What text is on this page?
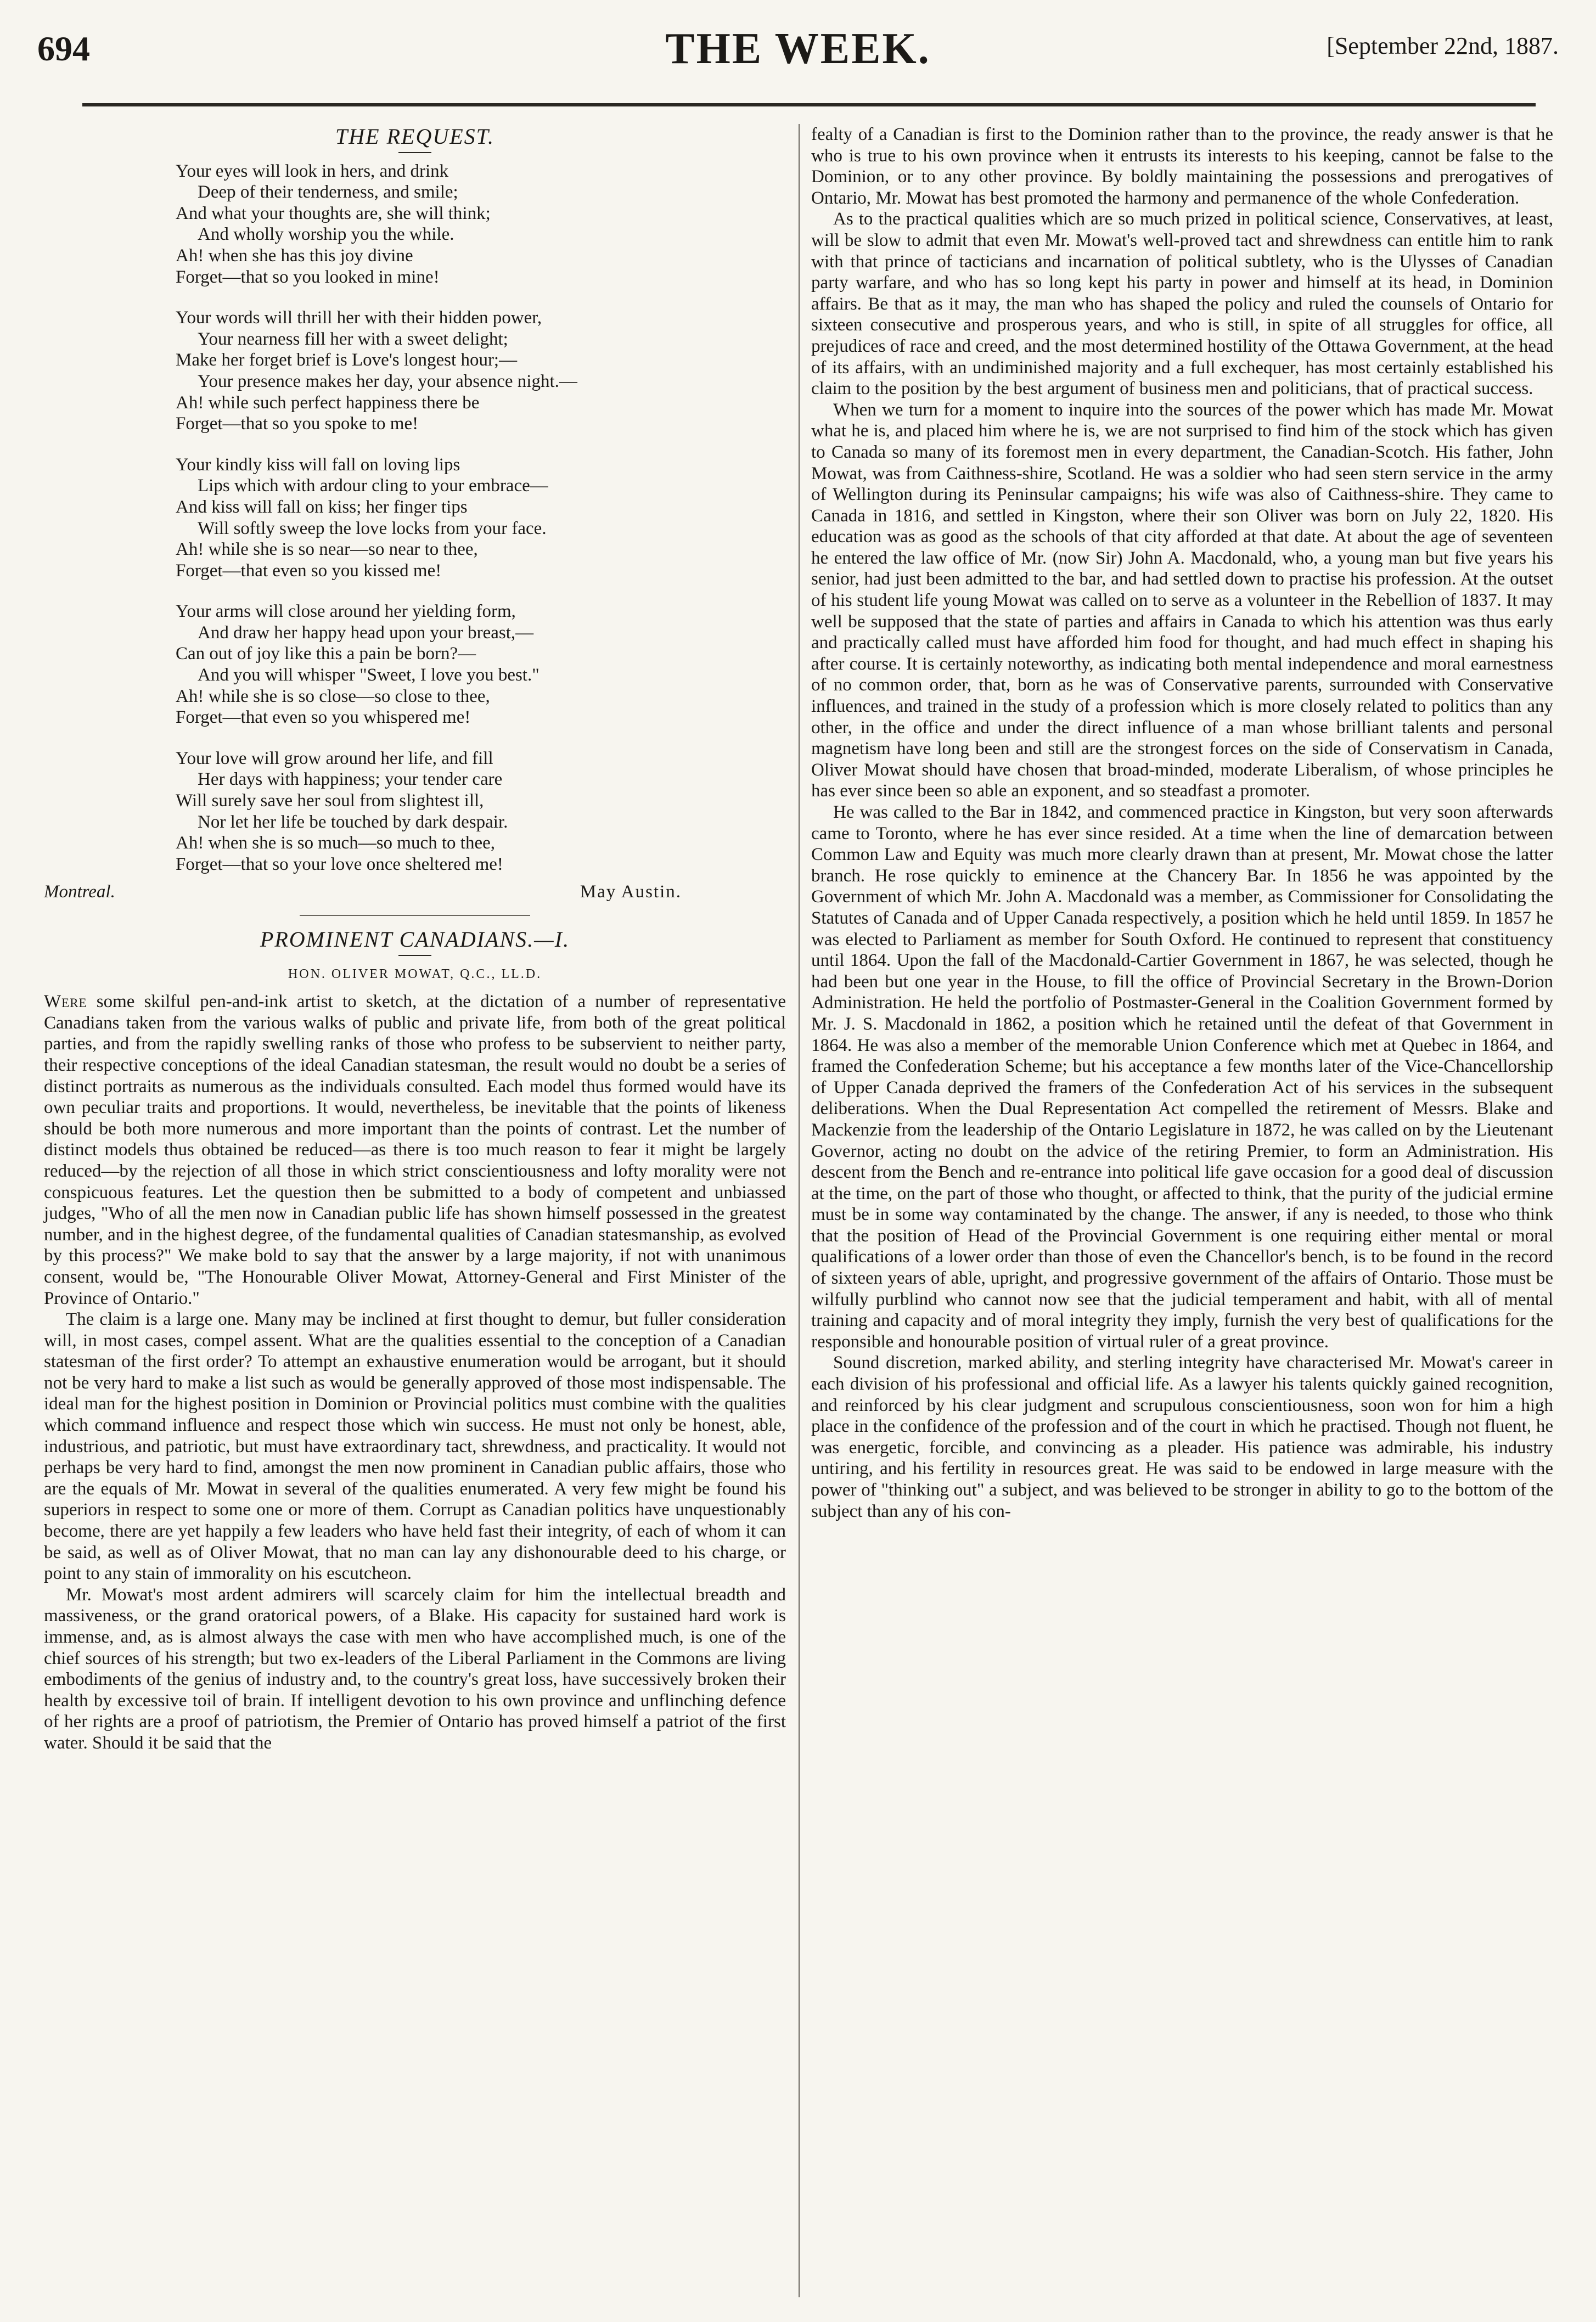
694	THE WEEK.	[September 22nd, 1887.
THE REQUEST.
Your eyes will look in hers, and drink
Deep of their tenderness, and smile;
And what your thoughts are, she will think;
And wholly worship you the while.
Ah! when she has this joy divine
Forget—that so you looked in mine!
Your words will thrill her with their hidden power,
Your nearness fill her with a sweet delight;
Make her forget brief is Love's longest hour;—
Your presence makes her day, your absence night.—
Ah! while such perfect happiness there be
Forget—that so you spoke to me!
Your kindly kiss will fall on loving lips
Lips which with ardour cling to your embrace—
And kiss will fall on kiss; her finger tips
Will softly sweep the love locks from your face.
Ah! while she is so near—so near to thee,
Forget—that even so you kissed me!
Your arms will close around her yielding form,
And draw her happy head upon your breast,—
Can out of joy like this a pain be born?—
And you will whisper "Sweet, I love you best."
Ah! while she is so close—so close to thee,
Forget—that even so you whispered me!
Your love will grow around her life, and fill
Her days with happiness; your tender care
Will surely save her soul from slightest ill,
Nor let her life be touched by dark despair.
Ah! when she is so much—so much to thee,
Forget—that so your love once sheltered me!
Montreal.	May Austin.
PROMINENT CANADIANS.—I.
HON. OLIVER MOWAT, Q.C., LL.D.

Were some skilful pen-and-ink artist to sketch, at the dictation of a number of representative Canadians taken from the various walks of public and private life, from both of the great political parties, and from the rapidly swelling ranks of those who profess to be subservient to neither party, their respective conceptions of the ideal Canadian statesman, the result would no doubt be a series of distinct portraits as numerous as the individuals consulted. Each model thus formed would have its own peculiar traits and proportions. It would, nevertheless, be inevitable that the points of likeness should be both more numerous and more important than the points of contrast. Let the number of distinct models thus obtained be reduced—as there is too much reason to fear it might be largely reduced—by the rejection of all those in which strict conscientiousness and lofty morality were not conspicuous features. Let the question then be submitted to a body of competent and unbiassed judges, "Who of all the men now in Canadian public life has shown himself possessed in the greatest number, and in the highest degree, of the fundamental qualities of Canadian statesmanship, as evolved by this process?" We make bold to say that the answer by a large majority, if not with unanimous consent, would be, "The Honourable Oliver Mowat, Attorney-General and First Minister of the Province of Ontario."

The claim is a large one. Many may be inclined at first thought to demur, but fuller consideration will, in most cases, compel assent. What are the qualities essential to the conception of a Canadian statesman of the first order? To attempt an exhaustive enumeration would be arrogant, but it should not be very hard to make a list such as would be generally approved of those most indispensable. The ideal man for the highest position in Dominion or Provincial politics must combine with the qualities which command influence and respect those which win success. He must not only be honest, able, industrious, and patriotic, but must have extraordinary tact, shrewdness, and practicality. It would not perhaps be very hard to find, amongst the men now prominent in Canadian public affairs, those who are the equals of Mr. Mowat in several of the qualities enumerated. A very few might be found his superiors in respect to some one or more of them. Corrupt as Canadian politics have unquestionably become, there are yet happily a few leaders who have held fast their integrity, of each of whom it can be said, as well as of Oliver Mowat, that no man can lay any dishonourable deed to his charge, or point to any stain of immorality on his escutcheon.

Mr. Mowat's most ardent admirers will scarcely claim for him the intellectual breadth and massiveness, or the grand oratorical powers, of a Blake. His capacity for sustained hard work is immense, and, as is almost always the case with men who have accomplished much, is one of the chief sources of his strength; but two ex-leaders of the Liberal Parliament in the Commons are living embodiments of the genius of industry and, to the country's great loss, have successively broken their health by excessive toil of brain. If intelligent devotion to his own province and unflinching defence of her rights are a proof of patriotism, the Premier of Ontario has proved himself a patriot of the first water. Should it be said that the

fealty of a Canadian is first to the Dominion rather than to the province, the ready answer is that he who is true to his own province when it entrusts its interests to his keeping, cannot be false to the Dominion, or to any other province. By boldly maintaining the possessions and prerogatives of Ontario, Mr. Mowat has best promoted the harmony and permanence of the whole Confederation.

As to the practical qualities which are so much prized in political science, Conservatives, at least, will be slow to admit that even Mr. Mowat's well-proved tact and shrewdness can entitle him to rank with that prince of tacticians and incarnation of political subtlety, who is the Ulysses of Canadian party warfare, and who has so long kept his party in power and himself at its head, in Dominion affairs. Be that as it may, the man who has shaped the policy and ruled the counsels of Ontario for sixteen consecutive and prosperous years, and who is still, in spite of all struggles for office, all prejudices of race and creed, and the most determined hostility of the Ottawa Government, at the head of its affairs, with an undiminished majority and a full exchequer, has most certainly established his claim to the position by the best argument of business men and politicians, that of practical success.

When we turn for a moment to inquire into the sources of the power which has made Mr. Mowat what he is, and placed him where he is, we are not surprised to find him of the stock which has given to Canada so many of its foremost men in every department, the Canadian-Scotch. His father, John Mowat, was from Caithness-shire, Scotland. He was a soldier who had seen stern service in the army of Wellington during its Peninsular campaigns; his wife was also of Caithness-shire. They came to Canada in 1816, and settled in Kingston, where their son Oliver was born on July 22, 1820. His education was as good as the schools of that city afforded at that date. At about the age of seventeen he entered the law office of Mr. (now Sir) John A. Macdonald, who, a young man but five years his senior, had just been admitted to the bar, and had settled down to practise his profession. At the outset of his student life young Mowat was called on to serve as a volunteer in the Rebellion of 1837. It may well be supposed that the state of parties and affairs in Canada to which his attention was thus early and practically called must have afforded him food for thought, and had much effect in shaping his after course. It is certainly noteworthy, as indicating both mental independence and moral earnestness of no common order, that, born as he was of Conservative parents, surrounded with Conservative influences, and trained in the study of a profession which is more closely related to politics than any other, in the office and under the direct influence of a man whose brilliant talents and personal magnetism have long been and still are the strongest forces on the side of Conservatism in Canada, Oliver Mowat should have chosen that broad-minded, moderate Liberalism, of whose principles he has ever since been so able an exponent, and so steadfast a promoter.

He was called to the Bar in 1842, and commenced practice in Kingston, but very soon afterwards came to Toronto, where he has ever since resided. At a time when the line of demarcation between Common Law and Equity was much more clearly drawn than at present, Mr. Mowat chose the latter branch. He rose quickly to eminence at the Chancery Bar. In 1856 he was appointed by the Government of which Mr. John A. Macdonald was a member, as Commissioner for Consolidating the Statutes of Canada and of Upper Canada respectively, a position which he held until 1859. In 1857 he was elected to Parliament as member for South Oxford. He continued to represent that constituency until 1864. Upon the fall of the Macdonald-Cartier Government in 1867, he was selected, though he had been but one year in the House, to fill the office of Provincial Secretary in the Brown-Dorion Administration. He held the portfolio of Postmaster-General in the Coalition Government formed by Mr. J. S. Macdonald in 1862, a position which he retained until the defeat of that Government in 1864. He was also a member of the memorable Union Conference which met at Quebec in 1864, and framed the Confederation Scheme; but his acceptance a few months later of the Vice-Chancellorship of Upper Canada deprived the framers of the Confederation Act of his services in the subsequent deliberations. When the Dual Representation Act compelled the retirement of Messrs. Blake and Mackenzie from the leadership of the Ontario Legislature in 1872, he was called on by the Lieutenant Governor, acting no doubt on the advice of the retiring Premier, to form an Administration. His descent from the Bench and re-entrance into political life gave occasion for a good deal of discussion at the time, on the part of those who thought, or affected to think, that the purity of the judicial ermine must be in some way contaminated by the change. The answer, if any is needed, to those who think that the position of Head of the Provincial Government is one requiring either mental or moral qualifications of a lower order than those of even the Chancellor's bench, is to be found in the record of sixteen years of able, upright, and progressive government of the affairs of Ontario. Those must be wilfully purblind who cannot now see that the judicial temperament and habit, with all of mental training and capacity and of moral integrity they imply, furnish the very best of qualifications for the responsible and honourable position of virtual ruler of a great province.

Sound discretion, marked ability, and sterling integrity have characterised Mr. Mowat's career in each division of his professional and official life. As a lawyer his talents quickly gained recognition, and reinforced by his clear judgment and scrupulous conscientiousness, soon won for him a high place in the confidence of the profession and of the court in which he practised. Though not fluent, he was energetic, forcible, and convincing as a pleader. His patience was admirable, his industry untiring, and his fertility in resources great. He was said to be endowed in large measure with the power of "thinking out" a subject, and was believed to be stronger in ability to go to the bottom of the subject than any of his con-
